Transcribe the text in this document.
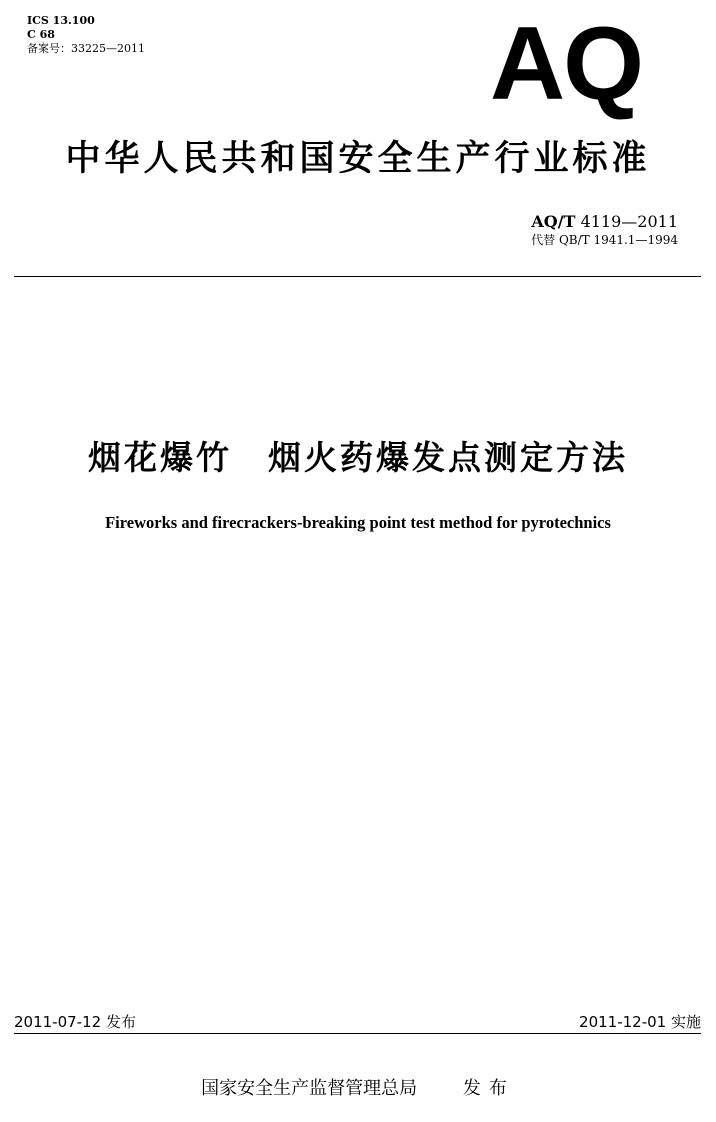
ICS 13.100
C 68
备案号：33225—2011	AQ
中华人民共和国安全生产行业标准
AQ/T 4119—2011
代替 QB/T 1941.1—1994
烟花爆竹　烟火药爆发点测定方法
Fireworks and firecrackers-breaking point test method for pyrotechnics
2011-07-12 发布	2011-12-01 实施
国家安全生产监督管理总局	发布
